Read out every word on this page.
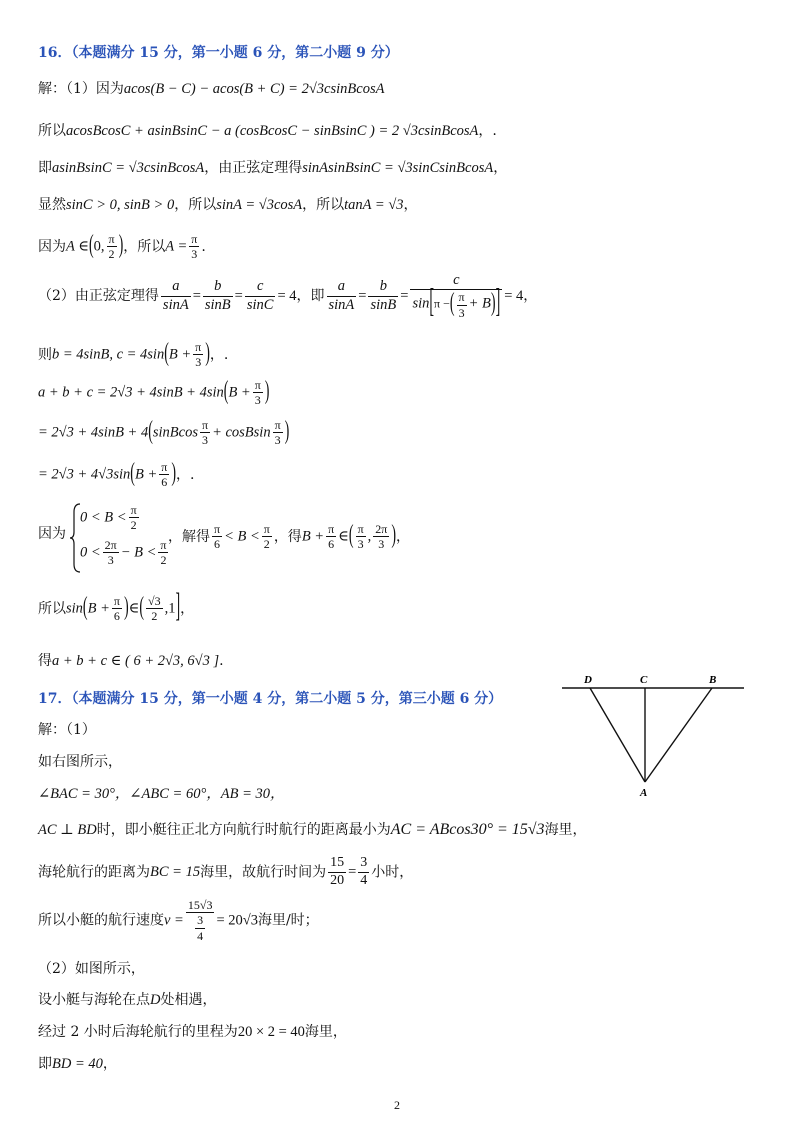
16．（本题满分 15 分，第一小题 6 分，第二小题 9 分）
解：（1）因为acos(B − C) − acos(B + C) = 2√3csinBcosA
所以acosBcosC + asinBsinC − a (cosBcosC − sinBsinC ) = 2 √3csinBcosA，.
即asinBsinC = √3csinBcosA，由正弦定理得sinAsinBsinC = √3sinCsinBcosA，
显然sinC > 0, sinB > 0，所以sinA = √3cosA，所以tanA = √3，
因为A ∈(0, $\frac{\pi}{2}$ )，所以$A = \frac{\pi}{3}$ .
（2）由正弦定理得 $\frac{a}{\sin A} = \frac{b}{\sin B} = \frac{c}{\sin C} = 4$，即 $\frac{a}{\sin A} = \frac{b}{\sin B} = \frac{c}{\sin[\pi -( \frac{\pi}{3} + B)]} = 4$，
则b = 4sinB, $c = 4\sin(B + \frac{\pi}{3}$ )，.
$a + b + c = 2√3 + 4\sin B + 4\sin(B + \frac{\pi}{3}$ )
= 2√3 + 4sinB + 4(sinBcos $\frac{\pi}{3}$ + cosBsin $\frac{\pi}{3}$ )
= $2√3 + 4√3\sin(B + \frac{\pi}{6}$ )，.
因为
$0 < B < \frac{\pi}{2}$
$0 < \frac{2\pi}{3} - B < \frac{\pi}{2}$
，解得 $\frac{\pi}{6} < B < \frac{\pi}{2}$ ，得$B + \frac{\pi}{6}$ ∈( $\frac{\pi}{3}$ , $\frac{2\pi}{3}$ )，
所以$\sin(B + \frac{\pi}{6}$ )∈( $\frac{√3}{2} ,1$]，
得a + b + c ∈ ( 6 + 2√3, 6√3 ].
17．（本题满分 15 分，第一小题 4 分，第二小题 5 分，第三小题 6 分）
解：（1）
如右图所示，
∠BAC = 30°，∠ABC = 60°，AB = 30，
AC ⊥ BD时，即小艇往正北方向航行时航行的距离最小为AC = ABcos30° = 15√3海里，
海轮航行的距离为BC = 15海里，故航行时间为 $\frac{15}{20} = \frac{3}{4}$ 小时，
所以小艇的航行速度$v = \frac{15√3}{\frac{3}{4}} = 20√3$海里/时；
（2）如图所示，
设小艇与海轮在点D处相遇，
经过 2 小时后海轮航行的里程为20 × 2 = 40海里，
即BD = 40，
D	C	B
A
2
